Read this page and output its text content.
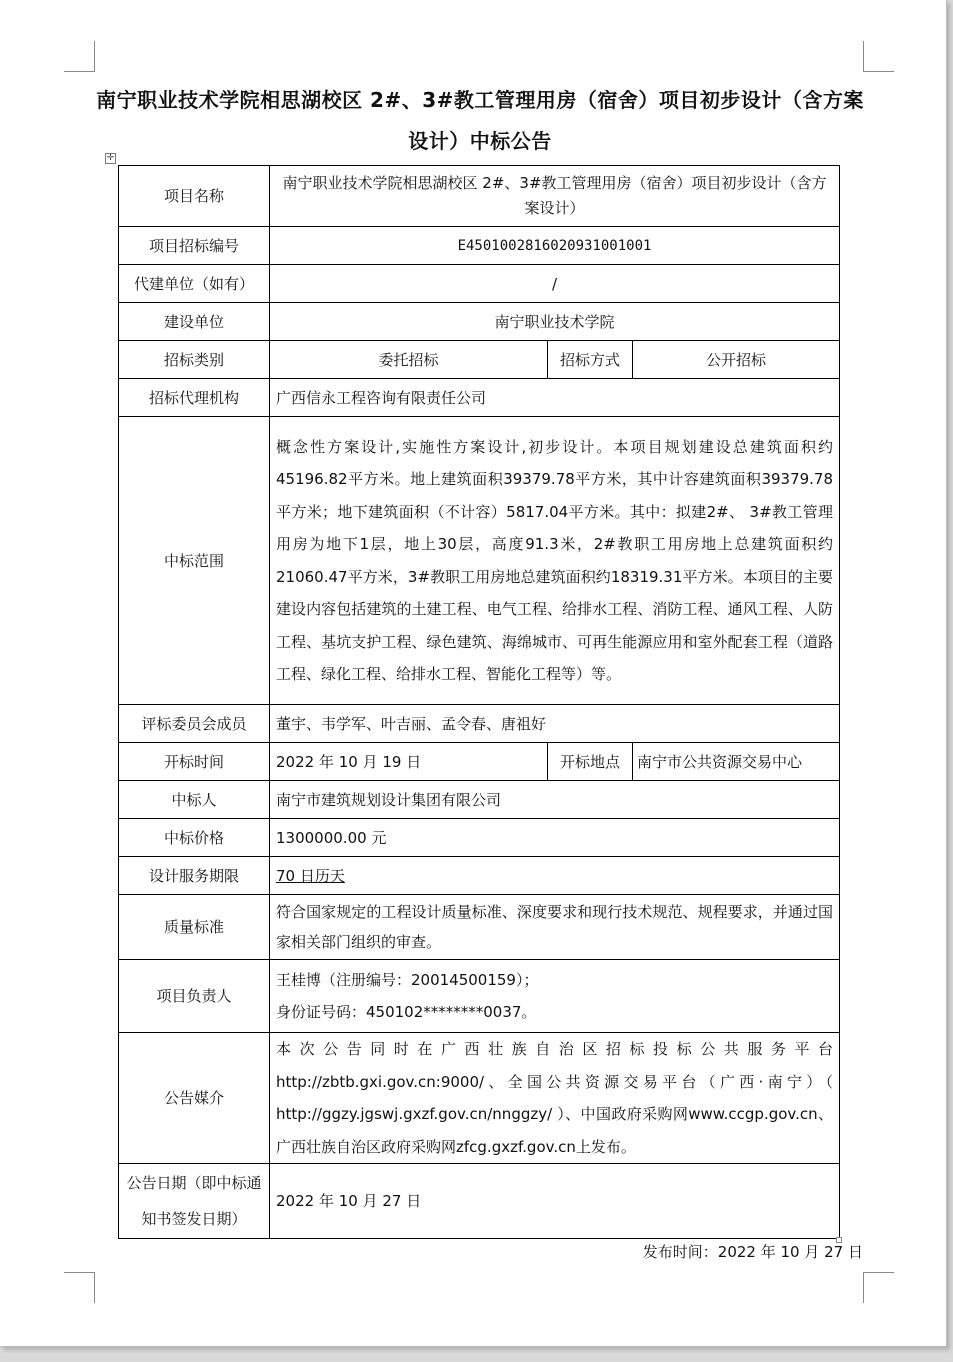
南宁职业技术学院相思湖校区 2#、3#教工管理用房（宿舍）项目初步设计（含方案设计）中标公告
✛
项目名称	南宁职业技术学院相思湖校区 2#、3#教工管理用房（宿舍）项目初步设计（含方案设计）		
项目招标编号	E4501002816020931001001		
代建单位（如有）	/		
建设单位	南宁职业技术学院		
招标类别	委托招标	招标方式	公开招标
招标代理机构	广西信永工程咨询有限责任公司		
中标范围	概念性方案设计,实施性方案设计,初步设计。本项目规划建设总建筑面积约45196.82平方米。地上建筑面积39379.78平方米，其中计容建筑面积39379.78平方米；地下建筑面积（不计容）5817.04平方米。其中：拟建2#、 3#教工管理用房为地下1层，地上30层，高度91.3米，2#教职工用房地上总建筑面积约21060.47平方米，3#教职工用房地总建筑面积约18319.31平方米。本项目的主要建设内容包括建筑的土建工程、电气工程、给排水工程、消防工程、通风工程、人防工程、基坑支护工程、绿色建筑、海绵城市、可再生能源应用和室外配套工程（道路工程、绿化工程、给排水工程、智能化工程等）等。		
评标委员会成员	董宇、韦学军、叶吉丽、孟令春、唐祖好		
开标时间	2022 年 10 月 19 日	开标地点	南宁市公共资源交易中心
中标人	南宁市建筑规划设计集团有限公司		
中标价格	1300000.00 元		
设计服务期限	70 日历天		
质量标准	符合国家规定的工程设计质量标准、深度要求和现行技术规范、规程要求，并通过国家相关部门组织的审查。		
项目负责人	王桂博（注册编号：20014500159）；
身份证号码：450102********0037。		

公告媒介	本次公告同时在广西壮族自治区招标投标公共服务平台http://zbtb.gxi.gov.cn:9000/、全国公共资源交易平台（广西·南宁）（ http://ggzy.jgswj.gxzf.gov.cn/nnggzy/ ）、中国政府采购网www.ccgp.gov.cn、广西壮族自治区政府采购网zfcg.gxzf.gov.cn上发布。		

公告日期（即中标通
知书签发日期）	2022 年 10 月 27 日		
发布时间：2022 年 10 月 27 日
